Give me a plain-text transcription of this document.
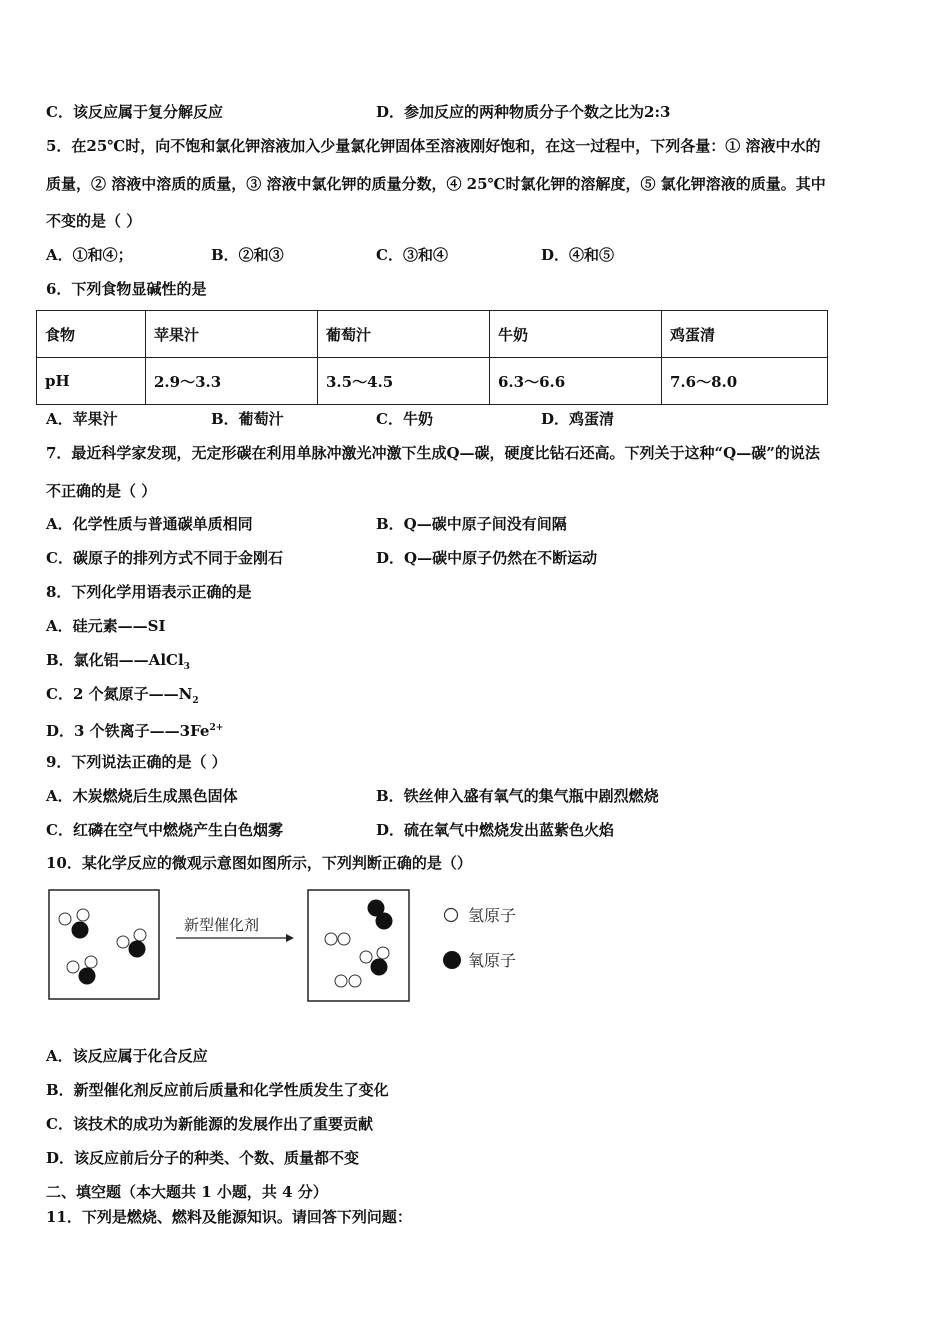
C．该反应属于复分解反应	D．参加反应的两种物质分子个数之比为2:3
5．在25℃时，向不饱和氯化钾溶液加入少量氯化钾固体至溶液刚好饱和，在这一过程中，下列各量：① 溶液中水的
质量，② 溶液中溶质的质量，③ 溶液中氯化钾的质量分数，④ 25℃时氯化钾的溶解度，⑤ 氯化钾溶液的质量。其中
不变的是（ ）
A．①和④；	B．②和③	C．③和④	D．④和⑤
6．下列食物显碱性的是
食物	苹果汁	葡萄汁	牛奶	鸡蛋清
pH	2.9～3.3	3.5～4.5	6.3～6.6	7.6～8.0
A．苹果汁	B．葡萄汁	C．牛奶	D．鸡蛋清
7．最近科学家发现，无定形碳在利用单脉冲激光冲激下生成Q—碳，硬度比钻石还高。下列关于这种“Q—碳”的说法
不正确的是（ ）
A．化学性质与普通碳单质相同	B．Q—碳中原子间没有间隔
C．碳原子的排列方式不同于金刚石	D．Q—碳中原子仍然在不断运动
8．下列化学用语表示正确的是
A．硅元素——SI
B．氯化铝——AlCl$_3$
C．2 个氮原子$——N_2$
D．3 个铁离子$——3Fe^{2+}$
9．下列说法正确的是（ ）
A．木炭燃烧后生成黑色固体	B．铁丝伸入盛有氧气的集气瓶中剧烈燃烧
C．红磷在空气中燃烧产生白色烟雾	D．硫在氧气中燃烧发出蓝紫色火焰
10．某化学反应的微观示意图如图所示，下列判断正确的是（）
新型催化剂	氢原子
氧原子
A．该反应属于化合反应
B．新型催化剂反应前后质量和化学性质发生了变化
C．该技术的成功为新能源的发展作出了重要贡献
D．该反应前后分子的种类、个数、质量都不变
二、填空题（本大题共 1 小题，共 4 分）
11．下列是燃烧、燃料及能源知识。请回答下列问题：
